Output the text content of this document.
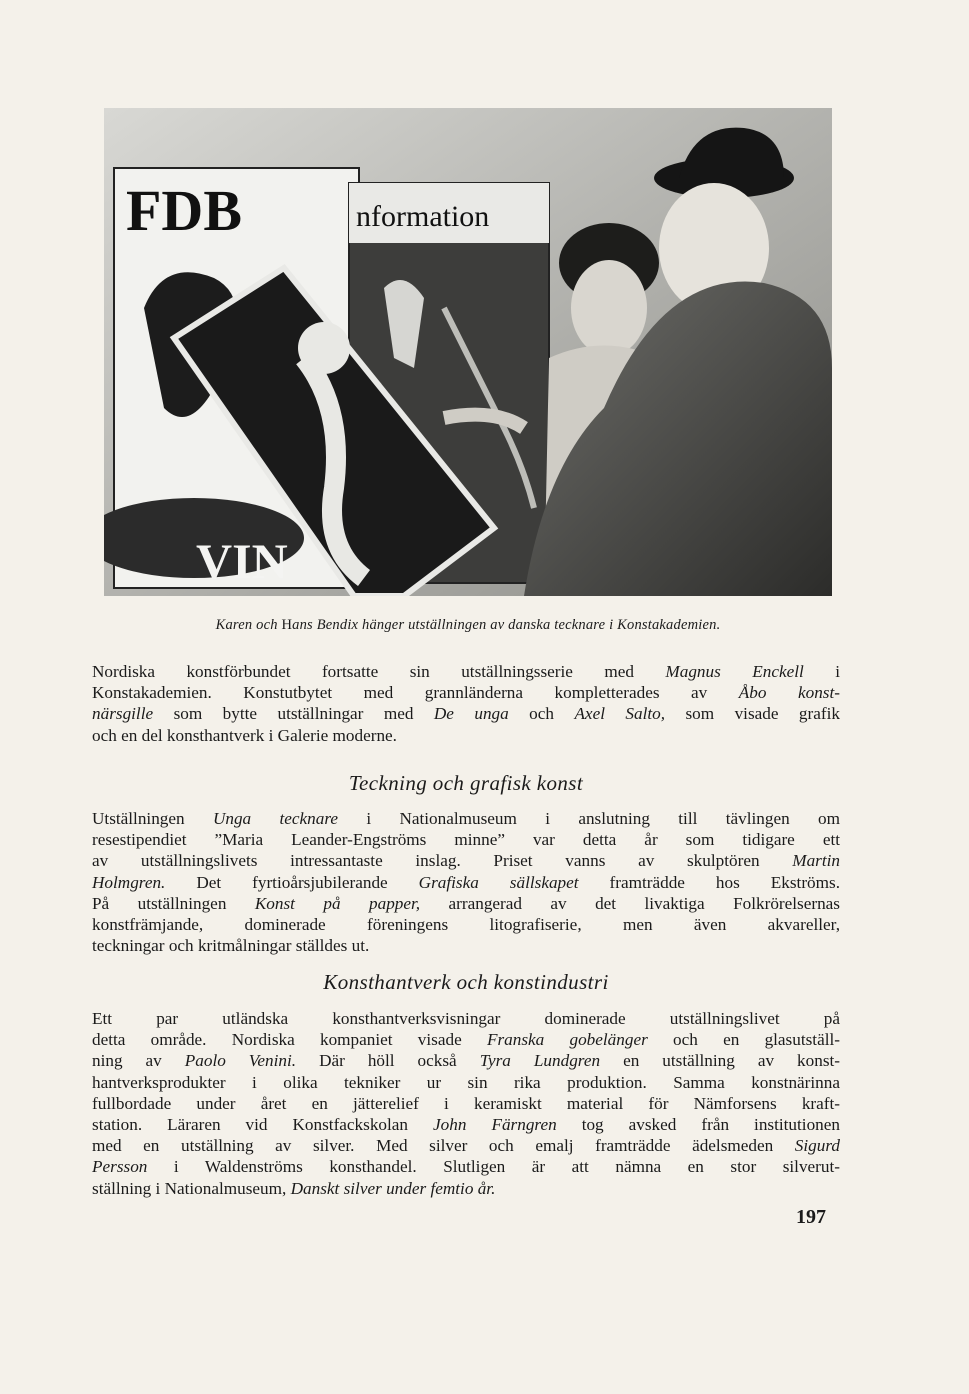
FDB
VIN
nformation
Karen och Hans Bendix hänger utställningen av danska tecknare i Konstakademien.
Nordiska konstförbundet fortsatte sin utställningsserie med Magnus Enckell i
Konstakademien. Konstutbytet med grannländerna kompletterades av Åbo konst-
närsgille som bytte utställningar med De unga och Axel Salto, som visade grafik
och en del konsthantverk i Galerie moderne.
Teckning och grafisk konst
Utställningen Unga tecknare i Nationalmuseum i anslutning till tävlingen om
resestipendiet ”Maria Leander-Engströms minne” var detta år som tidigare ett
av utställningslivets intressantaste inslag. Priset vanns av skulptören Martin
Holmgren. Det fyrtioårsjubilerande Grafiska sällskapet framträdde hos Ekströms.
På utställningen Konst på papper, arrangerad av det livaktiga Folkrörelsernas
konstfrämjande, dominerade föreningens litografiserie, men även akvareller,
teckningar och kritmålningar ställdes ut.
Konsthantverk och konstindustri
Ett par utländska konsthantverksvisningar dominerade utställningslivet på
detta område. Nordiska kompaniet visade Franska gobelänger och en glasutställ-
ning av Paolo Venini. Där höll också Tyra Lundgren en utställning av konst-
hantverksprodukter i olika tekniker ur sin rika produktion. Samma konstnärinna
fullbordade under året en jätterelief i keramiskt material för Nämforsens kraft-
station. Läraren vid Konstfackskolan John Färngren tog avsked från institutionen
med en utställning av silver. Med silver och emalj framträdde ädelsmeden Sigurd
Persson i Waldenströms konsthandel. Slutligen är att nämna en stor silverut-
ställning i Nationalmuseum, Danskt silver under femtio år.
197
